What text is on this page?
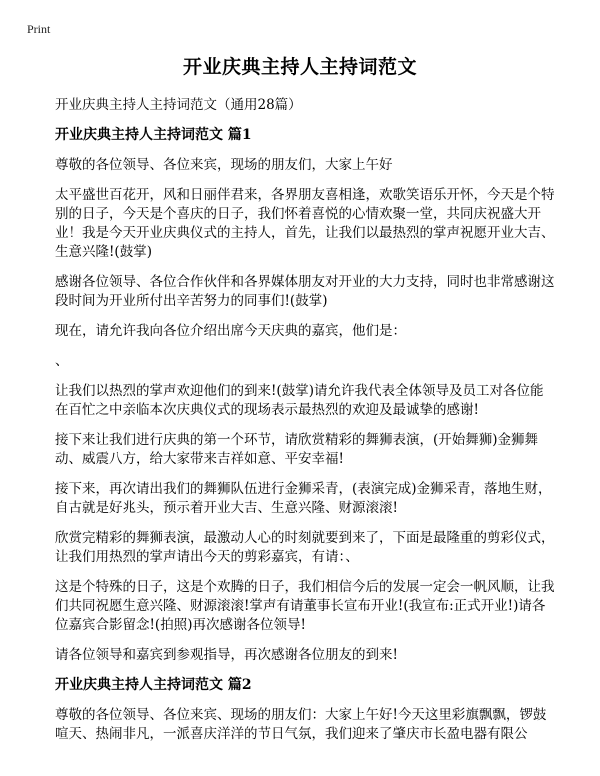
Print
开业庆典主持人主持词范文

开业庆典主持人主持词范文（通用28篇）

开业庆典主持人主持词范文 篇1

尊敬的各位领导、各位来宾，现场的朋友们，大家上午好

太平盛世百花开，风和日丽伴君来，各界朋友喜相逢，欢歌笑语乐开怀，今天是个特别的日子，今天是个喜庆的日子，我们怀着喜悦的心情欢聚一堂，共同庆祝盛大开业！我是今天开业庆典仪式的主持人，首先，让我们以最热烈的掌声祝愿开业大吉、生意兴隆!(鼓掌)

感谢各位领导、各位合作伙伴和各界媒体朋友对开业的大力支持，同时也非常感谢这段时间为开业所付出辛苦努力的同事们!(鼓掌)

现在，请允许我向各位介绍出席今天庆典的嘉宾，他们是：

、

让我们以热烈的掌声欢迎他们的到来!(鼓掌)请允许我代表全体领导及员工对各位能在百忙之中亲临本次庆典仪式的现场表示最热烈的欢迎及最诚挚的感谢!

接下来让我们进行庆典的第一个环节，请欣赏精彩的舞狮表演，(开始舞狮)金狮舞动、威震八方，给大家带来吉祥如意、平安幸福!

接下来，再次请出我们的舞狮队伍进行金狮采青，(表演完成)金狮采青，落地生财，自古就是好兆头，预示着开业大吉、生意兴隆、财源滚滚!

欣赏完精彩的舞狮表演，最激动人心的时刻就要到来了，下面是最隆重的剪彩仪式，让我们用热烈的掌声请出今天的剪彩嘉宾，有请：、

这是个特殊的日子，这是个欢腾的日子，我们相信今后的发展一定会一帆风顺，让我们共同祝愿生意兴隆、财源滚滚!掌声有请董事长宣布开业!(我宣布:正式开业!)请各位嘉宾合影留念!(拍照)再次感谢各位领导!

请各位领导和嘉宾到参观指导，再次感谢各位朋友的到来!

开业庆典主持人主持词范文 篇2

尊敬的各位领导、各位来宾、现场的朋友们：大家上午好!今天这里彩旗飘飘，锣鼓喧天、热闹非凡，一派喜庆洋洋的节日气氛，我们迎来了肇庆市长盈电器有限公
